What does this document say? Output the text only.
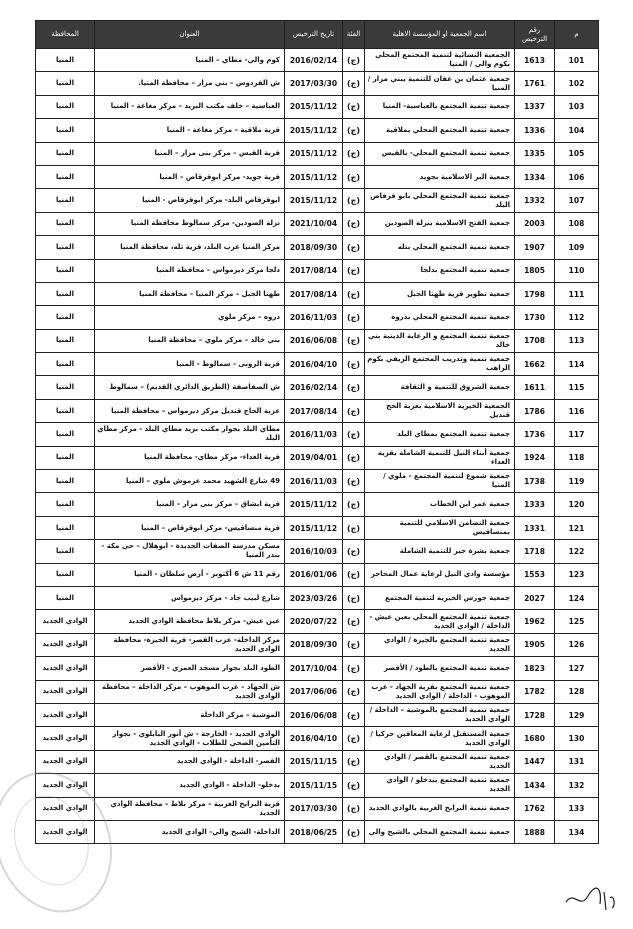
م	رقم الترخيص	اسم الجمعية او المؤسسة الاهلية	الفئة	تاريخ الترخيص	العنوان	المحافظة
101	1613	الجمعية النسائية لتنمية المجتمع المحلي بكوم والي / المنيا	(ج)	2016/02/14	كوم والي- مطاي – المنيا	المنيا
102	1761	جمعية عثمان بن عفان للتنمية ببني مزار / المنيا	(ج)	2017/03/30	ش الفردوس – بني مزار – محافظة المنيا.	المنيا
103	1337	جمعية تنمية المجتمع بالعباسية- المنيا	(ج)	2015/11/12	العباسية – خلف مكتب البريد – مركز مغاغة - المنيا	المنيا
104	1336	جمعية تنمية المجتمع المحلي بملاقية	(ج)	2015/11/12	قرية ملاقية – مركز مغاغة - المنيا	المنيا
105	1335	جمعية تنمية المجتمع المحلي- بالقيس	(ج)	2015/11/12	قرية القيس – مركز بنى مزار – المنيا	المنيا
106	1334	جمعية البر الاسلامية بجويد	(ج)	2015/11/12	قرية جويد- مركز ابوقرقاص – المنيا	المنيا
107	1332	جمعية تنمية المجتمع المحلي بابو قرقاص البلد	(ج)	2015/11/12	ابوقرقاص البلد- مركز ابوقرقاص - المنيا	المنيا
108	2003	جمعية الفتح الاسلامية بنزلة الصودين	(ج)	2021/10/04	نزلة الصودين- مركز سمالوط محافظة المنيا	المنيا
109	1907	جمعية تنمية المجتمع المحلي بتله	(ج)	2018/09/30	مركز المنيا غرب البلد، قرية تله، محافظة المنيا	المنيا
110	1805	جمعية تنمية المجتمع بدلجا	(ج)	2017/08/14	دلجا مركز ديرمواس – محافظة المنيا	المنيا
111	1798	جمعية تطوير قرية طهنا الجبل	(ج)	2017/08/14	طهنا الجبل – مركز المنيا – محافظة المنيا	المنيا
112	1730	جمعية تنمية المجتمع المحلي بدروه	(ج)	2016/11/03	دروه – مركز ملوي	المنيا
113	1708	جمعية تنمية المجتمع و الرعاية الدينية بني خالد	(ج)	2016/06/08	بني خالد – مركز ملوي – محافظة المنيا	المنيا
114	1662	جمعية تنمية وتدريب المجتمع الريفي بكوم الراهب	(ج)	2016/04/10	قرية الروبى - سمالوط - المنيا	المنيا
115	1611	جمعية الشروق للتنمية و الثقافة	(ج)	2016/02/14	ش الصفاصفة (الطريق الدائري القديم) – سمالوط	المنيا
116	1786	الجمعية الخيرية الاسلامية بعزبة الحج قنديل	(ج)	2017/08/14	عزبة الحاج قنديل مركز ديرمواس – محافظة المنيا	المنيا
117	1736	جمعية تنمية المجتمع بمطاي البلد	(ج)	2016/11/03	مطاي البلد بجوار مكتب بريد مطاي البلد - مركز مطاي البلد	المنيا
118	1924	جمعية أبناء النيل للتنمية الشاملة بقرية الغداء	(ج)	2019/04/01	قرية الغداء- مركز مطاي- محافظة المنيا	المنيا
119	1738	جمعية شموع لتنمية المجتمع - ملوي / المنيا	(ج)	2016/11/03	49 شارع الشهيد محمد عرموش ملوي – المنيا	المنيا
120	1333	جمعية عمر ابن الخطاب	(ج)	2015/11/12	قرية ابشاق – مركز بنى مزار – المنيا	المنيا
121	1331	جمعية التضامن الاسلامي للتنمية بمنساقيس	(ج)	2015/11/12	قرية منساقيس- مركز ابوقرقاص – المنيا	المنيا
122	1718	جمعية بشرة خير للتنمية الشاملة	(ج)	2016/10/03	مسكن مدرسة الصفات الجديدة - ابوهلال – حي مكة - بندر المنيا	المنيا
123	1553	مؤسسة وادي النيل لرعاية عمال المحاجر	(ج)	2016/01/06	رقم 11 ش 6 أكتوبر - أرض سلطان - المنيا	المنيا
124	2027	جمعية جورس الخيرية لتنمية المجتمع	(ج)	2023/03/26	شارع لبيب جاد - مركز ديرمواس	المنيا
125	1962	جمعية تنمية المجتمع المحلي بعين عيش - الداخلة / الوادي الجديد	(ج)	2020/07/22	عين عيش- مركز بلاط محافظة الوادي الجديد	الوادي الجديد
126	1905	جمعية تنمية المجتمع بالجيزة / الوادي الجديد	(ج)	2018/09/30	مركز الداخلة- عزب القصر- قرية الجيزة- محافظة الوادي الجديد	الوادي الجديد
127	1823	جمعية تنمية المجتمع بالطود / الأقصر	(ج)	2017/10/04	الطود البلد بجوار مسجد العمري - الأقصر	الوادي الجديد
128	1782	جمعية تنمية المجتمع بقرية الجهاد - غرب الموهوب - الداخلة / الوادي الجديد	(ج)	2017/06/06	ش الجهاد – غرب الموهوب – مركز الداخلة – محافظة الوادي الجديد	الوادي الجديد
129	1728	جمعية تنمية المجتمع بالموشية – الداخلة / الوادي الجديد	(ج)	2016/06/08	الموشية – مركز الداخلة	الوادي الجديد
130	1680	جمعية المستقبل لرعاية المعاقين حركيا / الوادي الجديد	(ج)	2016/04/10	الوادي الجديد - الخارجة - ش أنور البابلوي - بجوار التأمين الصحي للطلاب - الوادي الجديد	الوادي الجديد
131	1447	جمعية تنمية المجتمع بالقصر / الوادي الجديد	(ج)	2015/11/15	القصر- الداخلة - الوادي الجديد	الوادي الجديد
132	1434	جمعية تنمية المجتمع ببدخلو / الوادي الجديد	(ج)	2015/11/15	بدخلو- الداخلة - الوادي الجديد	الوادي الجديد
133	1762	جمعية تنمية البرابخ الغربية بالوادي الجديد	(ج)	2017/03/30	قرية البرابخ الغربية – مركز بلاط – محافظة الوادي الجديد	الوادي الجديد
134	1888	جمعية تنمية المجتمع المحلي بالشيخ والي	(ج)	2018/06/25	الداخلة- الشيخ والي- الوادي الجديد	الوادي الجديد
